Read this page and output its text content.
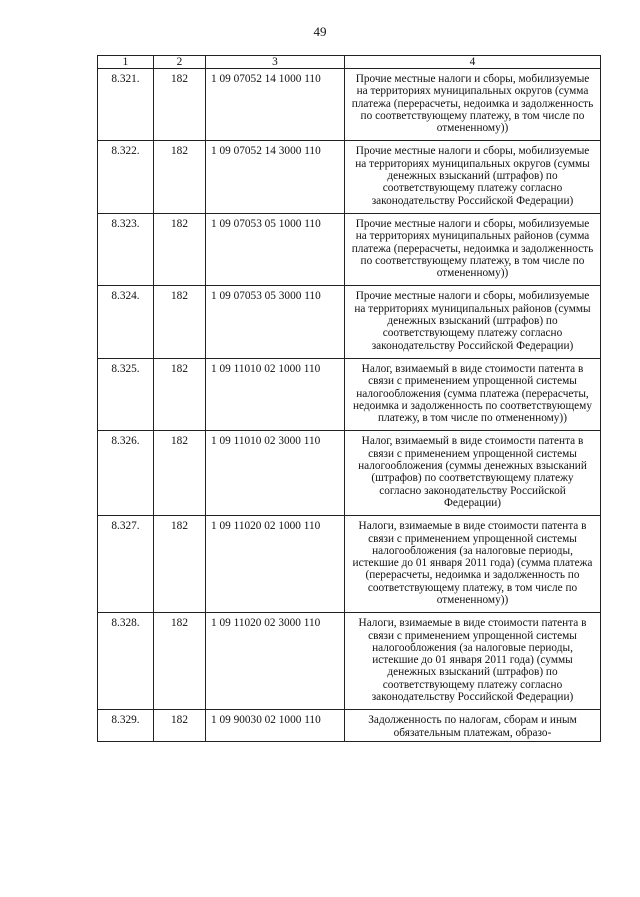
49
1	2	3	4
8.321.	182	1 09 07052 14 1000 110	Прочие местные налоги и сборы, мобилизуемые на территориях муниципальных округов (сумма платежа (перерасчеты, недоимка и задолженность по соответствующему платежу, в том числе по отмененному))
8.322.	182	1 09 07052 14 3000 110	Прочие местные налоги и сборы, мобилизуемые на территориях муниципальных округов (суммы денежных взысканий (штрафов) по соответствующему платежу согласно законодательству Российской Федерации)
8.323.	182	1 09 07053 05 1000 110	Прочие местные налоги и сборы, мобилизуемые на территориях муниципальных районов (сумма платежа (перерасчеты, недоимка и задолженность по соответствующему платежу, в том числе по отмененному))
8.324.	182	1 09 07053 05 3000 110	Прочие местные налоги и сборы, мобилизуемые на территориях муниципальных районов (суммы денежных взысканий (штрафов) по соответствующему платежу согласно законодательству Российской Федерации)
8.325.	182	1 09 11010 02 1000 110	Налог, взимаемый в виде стоимости патента в связи с применением упрощенной системы налогообложения (сумма платежа (перерасчеты, недоимка и задолженность по соответствующему платежу, в том числе по отмененному))
8.326.	182	1 09 11010 02 3000 110	Налог, взимаемый в виде стоимости патента в связи с применением упрощенной системы налогообложения (суммы денежных взысканий (штрафов) по соответствующему платежу согласно законодательству Российской Федерации)
8.327.	182	1 09 11020 02 1000 110	Налоги, взимаемые в виде стоимости патента в связи с применением упрощенной системы налогообложения (за налоговые периоды, истекшие до 01 января 2011 года) (сумма платежа (перерасчеты, недоимка и задолженность по соответствующему платежу, в том числе по отмененному))
8.328.	182	1 09 11020 02 3000 110	Налоги, взимаемые в виде стоимости патента в связи с применением упрощенной системы налогообложения (за налоговые периоды, истекшие до 01 января 2011 года) (суммы денежных взысканий (штрафов) по соответствующему платежу согласно законодательству Российской Федерации)
8.329.	182	1 09 90030 02 1000 110	Задолженность по налогам, сборам и иным обязательным платежам, образо-
